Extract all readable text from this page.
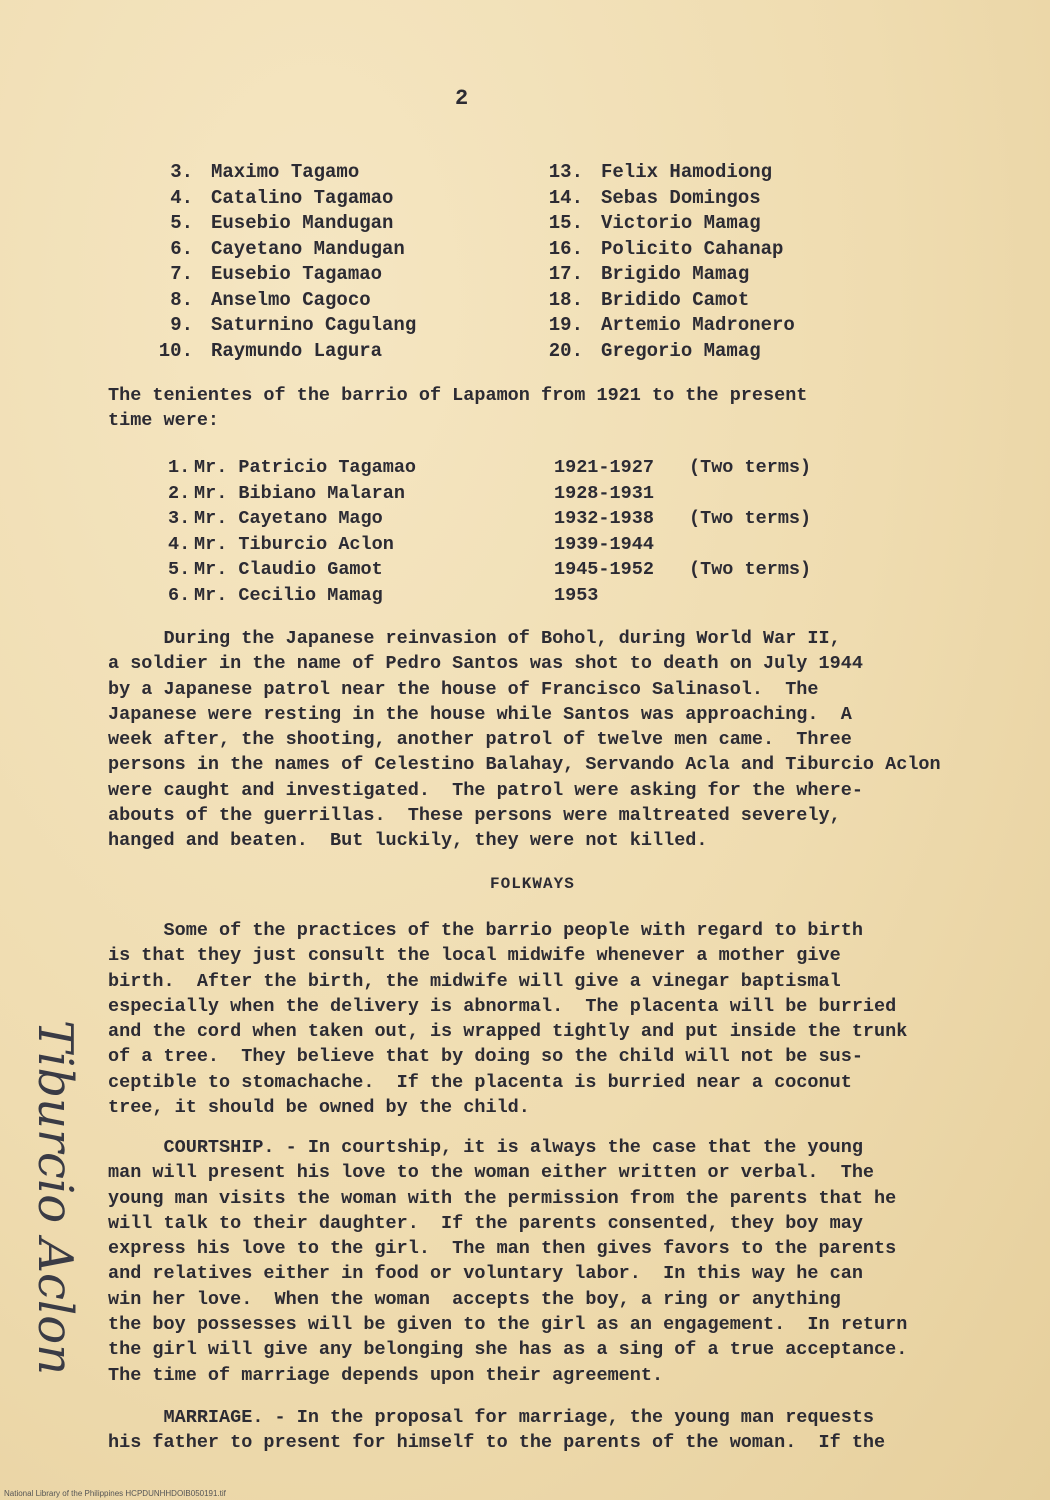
2
3. Maximo Tagamo
4. Catalino Tagamao
5. Eusebio Mandugan
6. Cayetano Mandugan
7. Eusebio Tagamao
8. Anselmo Cagoco
9. Saturnino Cagulang
10. Raymundo Lagura
13. Felix Hamodiong
14. Sebas Domingos
15. Victorio Mamag
16. Policito Cahanap
17. Brigido Mamag
18. Bridido Camot
19. Artemio Madronero
20. Gregorio Mamag
The tenientes of the barrio of Lapamon from 1921 to the present
time were:
1. Mr. Patricio Tagamao	1921-1927 (Two terms)
2. Mr. Bibiano Malaran	1928-1931
3. Mr. Cayetano Mago	1932-1938 (Two terms)
4. Mr. Tiburcio Aclon	1939-1944
5. Mr. Claudio Gamot	1945-1952 (Two terms)
6. Mr. Cecilio Mamag	1953
During the Japanese reinvasion of Bohol, during World War II,
a soldier in the name of Pedro Santos was shot to death on July 1944
by a Japanese patrol near the house of Francisco Salinasol.  The
Japanese were resting in the house while Santos was approaching.  A
week after, the shooting, another patrol of twelve men came.  Three
persons in the names of Celestino Balahay, Servando Acla and Tiburcio Aclon
were caught and investigated.  The patrol were asking for the where-
abouts of the guerrillas.  These persons were maltreated severely,
hanged and beaten.  But luckily, they were not killed.
FOLKWAYS
Some of the practices of the barrio people with regard to birth
is that they just consult the local midwife whenever a mother give
birth.  After the birth, the midwife will give a vinegar baptismal
especially when the delivery is abnormal.  The placenta will be burried
and the cord when taken out, is wrapped tightly and put inside the trunk
of a tree.  They believe that by doing so the child will not be sus-
ceptible to stomachache.  If the placenta is burried near a coconut
tree, it should be owned by the child.
COURTSHIP. - In courtship, it is always the case that the young
man will present his love to the woman either written or verbal.  The
young man visits the woman with the permission from the parents that he
will talk to their daughter.  If the parents consented, they boy may
express his love to the girl.  The man then gives favors to the parents
and relatives either in food or voluntary labor.  In this way he can
win her love.  When the woman  accepts the boy, a ring or anything
the boy possesses will be given to the girl as an engagement.  In return
the girl will give any belonging she has as a sing of a true acceptance.
The time of marriage depends upon their agreement.
MARRIAGE. - In the proposal for marriage, the young man requests
his father to present for himself to the parents of the woman.  If the
Tiburcio Aclon
National Library of the Philippines HCPDUNHHDOIB050191.tif
